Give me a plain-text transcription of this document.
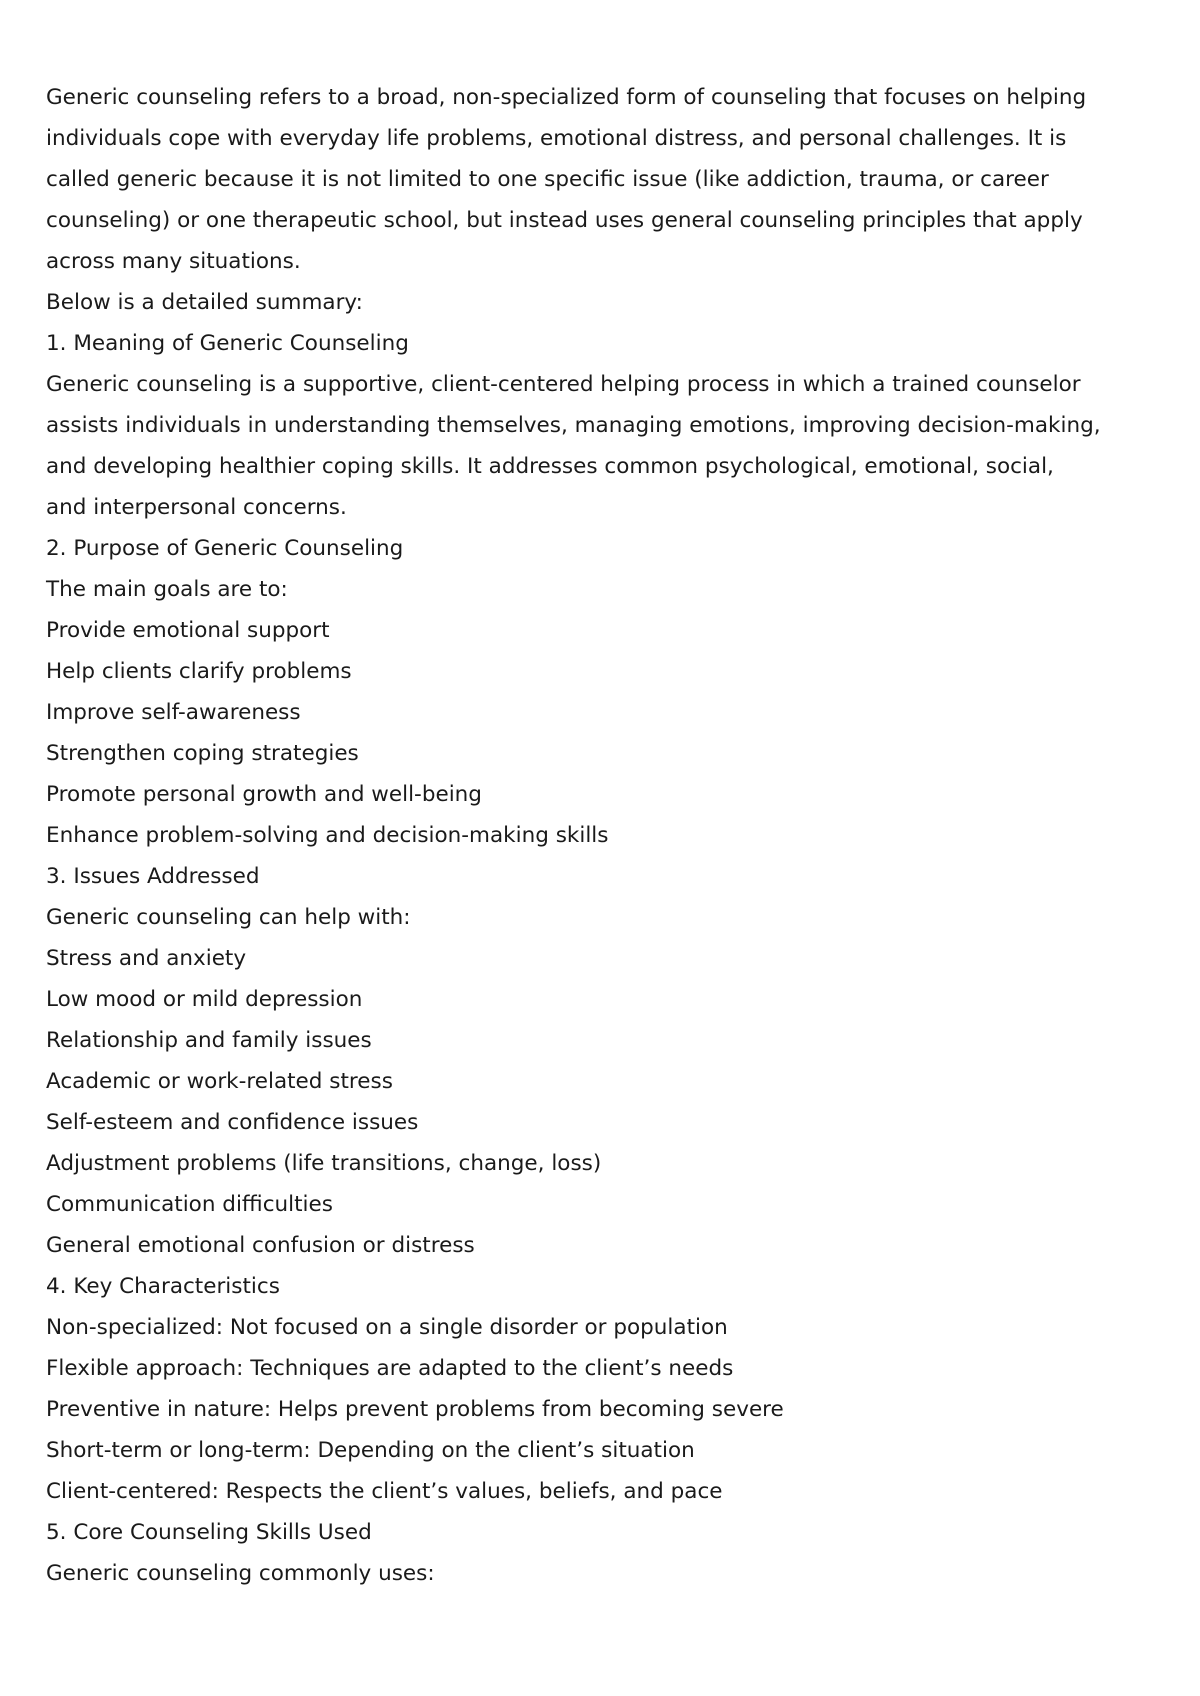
Generic counseling refers to a broad, non-specialized form of counseling that focuses on helping
individuals cope with everyday life problems, emotional distress, and personal challenges. It is
called generic because it is not limited to one specific issue (like addiction, trauma, or career
counseling) or one therapeutic school, but instead uses general counseling principles that apply
across many situations.
Below is a detailed summary:
1. Meaning of Generic Counseling
Generic counseling is a supportive, client-centered helping process in which a trained counselor
assists individuals in understanding themselves, managing emotions, improving decision-making,
and developing healthier coping skills. It addresses common psychological, emotional, social,
and interpersonal concerns.
2. Purpose of Generic Counseling
The main goals are to:
Provide emotional support
Help clients clarify problems
Improve self-awareness
Strengthen coping strategies
Promote personal growth and well-being
Enhance problem-solving and decision-making skills
3. Issues Addressed
Generic counseling can help with:
Stress and anxiety
Low mood or mild depression
Relationship and family issues
Academic or work-related stress
Self-esteem and confidence issues
Adjustment problems (life transitions, change, loss)
Communication difficulties
General emotional confusion or distress
4. Key Characteristics
Non-specialized: Not focused on a single disorder or population
Flexible approach: Techniques are adapted to the client’s needs
Preventive in nature: Helps prevent problems from becoming severe
Short-term or long-term: Depending on the client’s situation
Client-centered: Respects the client’s values, beliefs, and pace
5. Core Counseling Skills Used
Generic counseling commonly uses:
